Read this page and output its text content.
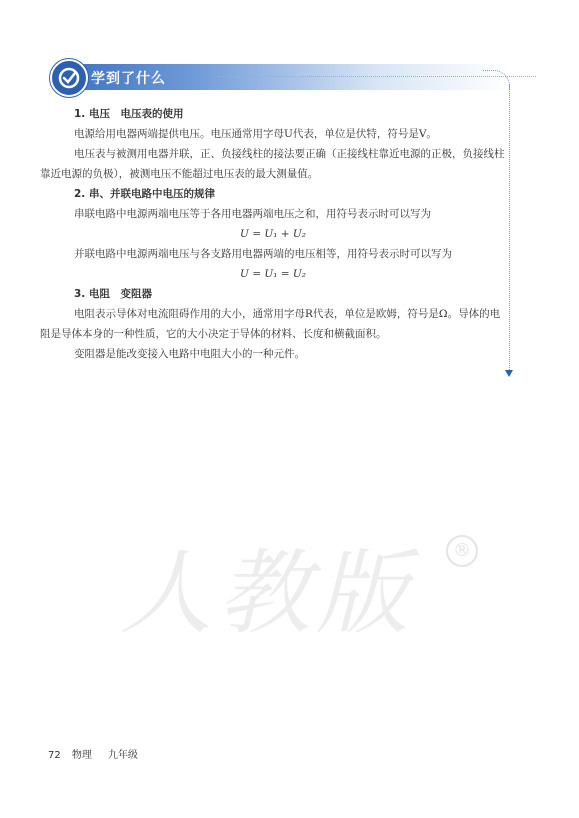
学到了什么
1. 电压　电压表的使用
电源给用电器两端提供电压。电压通常用字母U代表，单位是伏特，符号是V。
电压表与被测用电器并联，正、负接线柱的接法要正确（正接线柱靠近电源的正极，负接线柱靠近电源的负极），被测电压不能超过电压表的最大测量值。
2. 串、并联电路中电压的规律
串联电路中电源两端电压等于各用电器两端电压之和，用符号表示时可以写为
U = U₁ + U₂
并联电路中电源两端电压与各支路用电器两端的电压相等，用符号表示时可以写为
U = U₁ = U₂
3. 电阻　变阻器
电阻表示导体对电流阻碍作用的大小，通常用字母R代表，单位是欧姆，符号是Ω。导体的电阻是导体本身的一种性质，它的大小决定于导体的材料、长度和横截面积。
变阻器是能改变接入电路中电阻大小的一种元件。
人教版	®
72 物理 九年级
